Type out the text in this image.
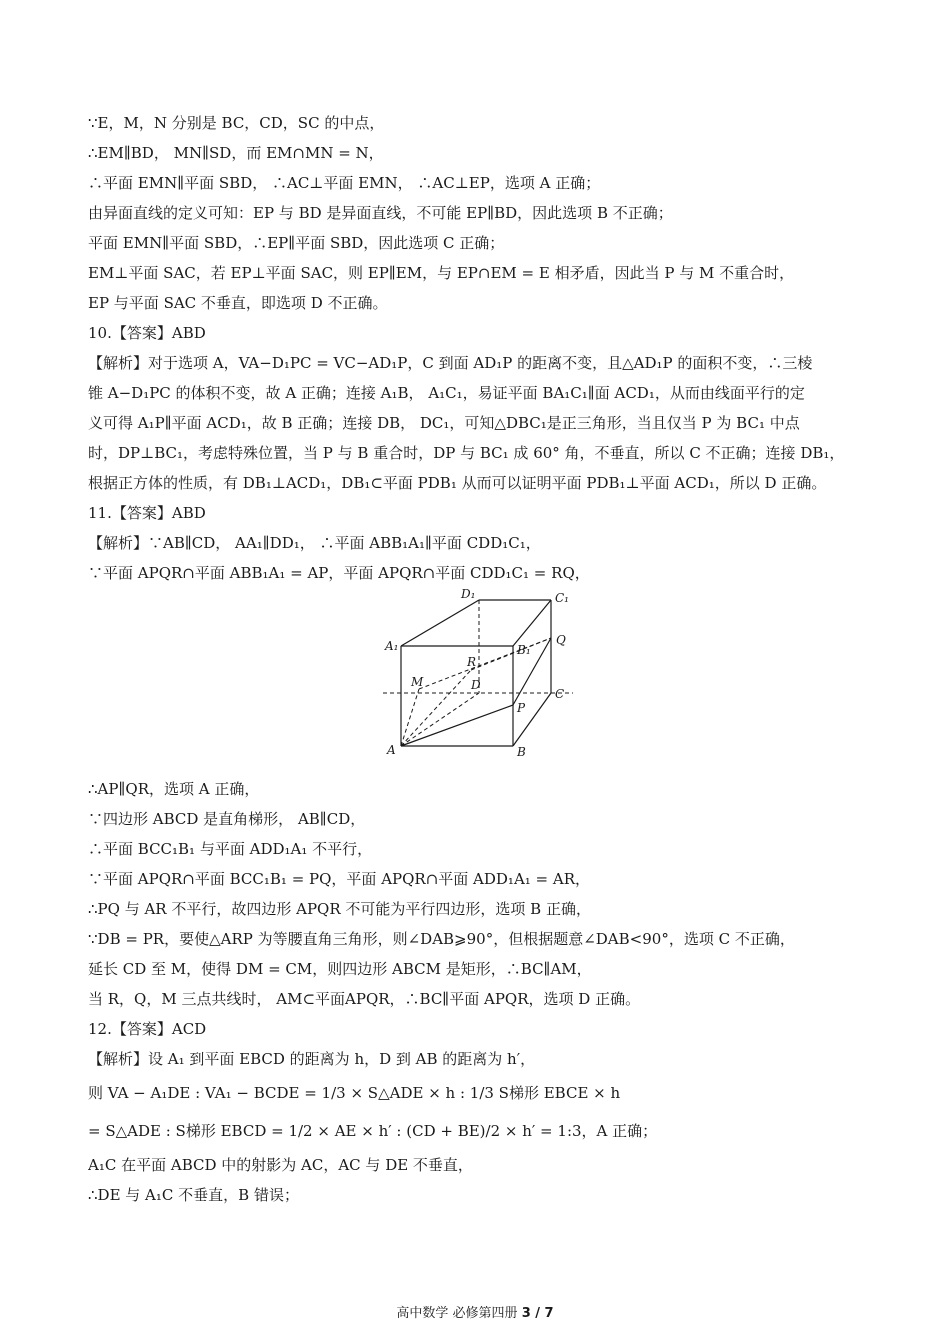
∵E，M，N 分别是 BC，CD，SC 的中点，
∴EM∥BD， MN∥SD，而 EM∩MN = N，
∴平面 EMN∥平面 SBD， ∴AC⊥平面 EMN， ∴AC⊥EP，选项 A 正确；
由异面直线的定义可知：EP 与 BD 是异面直线，不可能 EP∥BD，因此选项 B 不正确；
平面 EMN∥平面 SBD，∴EP∥平面 SBD，因此选项 C 正确；
EM⊥平面 SAC，若 EP⊥平面 SAC，则 EP∥EM，与 EP∩EM = E 相矛盾，因此当 P 与 M 不重合时，
EP 与平面 SAC 不垂直，即选项 D 不正确。
10.【答案】ABD
【解析】对于选项 A，VA−D₁PC = VC−AD₁P，C 到面 AD₁P 的距离不变，且△AD₁P 的面积不变，∴三棱
锥 A−D₁PC 的体积不变，故 A 正确；连接 A₁B， A₁C₁，易证平面 BA₁C₁∥面 ACD₁，从而由线面平行的定
义可得 A₁P∥平面 ACD₁，故 B 正确；连接 DB， DC₁，可知△DBC₁是正三角形，当且仅当 P 为 BC₁ 中点
时，DP⊥BC₁，考虑特殊位置，当 P 与 B 重合时，DP 与 BC₁ 成 60° 角，不垂直，所以 C 不正确；连接 DB₁，
根据正方体的性质，有 DB₁⊥ACD₁，DB₁⊂平面 PDB₁ 从而可以证明平面 PDB₁⊥平面 ACD₁，所以 D 正确。
11.【答案】ABD
【解析】∵AB∥CD， AA₁∥DD₁， ∴平面 ABB₁A₁∥平面 CDD₁C₁，
∵平面 APQR∩平面 ABB₁A₁ = AP，平面 APQR∩平面 CDD₁C₁ = RQ，
D₁	C₁
A₁	B₁
Q
R
M	D
C
P
A	B
∴AP∥QR，选项 A 正确，
∵四边形 ABCD 是直角梯形， AB∥CD，
∴平面 BCC₁B₁ 与平面 ADD₁A₁ 不平行，
∵平面 APQR∩平面 BCC₁B₁ = PQ，平面 APQR∩平面 ADD₁A₁ = AR，
∴PQ 与 AR 不平行，故四边形 APQR 不可能为平行四边形，选项 B 正确，
∵DB = PR，要使△ARP 为等腰直角三角形，则∠DAB⩾90°，但根据题意∠DAB<90°，选项 C 不正确，
延长 CD 至 M，使得 DM = CM，则四边形 ABCM 是矩形，∴BC∥AM，
当 R，Q，M 三点共线时， AM⊂平面APQR，∴BC∥平面 APQR，选项 D 正确。
12.【答案】ACD
【解析】设 A₁ 到平面 EBCD 的距离为 h，D 到 AB 的距离为 h′，
则 VA − A₁DE : VA₁ − BCDE = 1/3 × S△ADE × h : 1/3 S梯形 EBCE × h
= S△ADE : S梯形 EBCD = 1/2 × AE × h′ : (CD + BE)/2 × h′ = 1:3，A 正确；
A₁C 在平面 ABCD 中的射影为 AC，AC 与 DE 不垂直，
∴DE 与 A₁C 不垂直，B 错误；
高中数学 必修第四册 3 / 7
